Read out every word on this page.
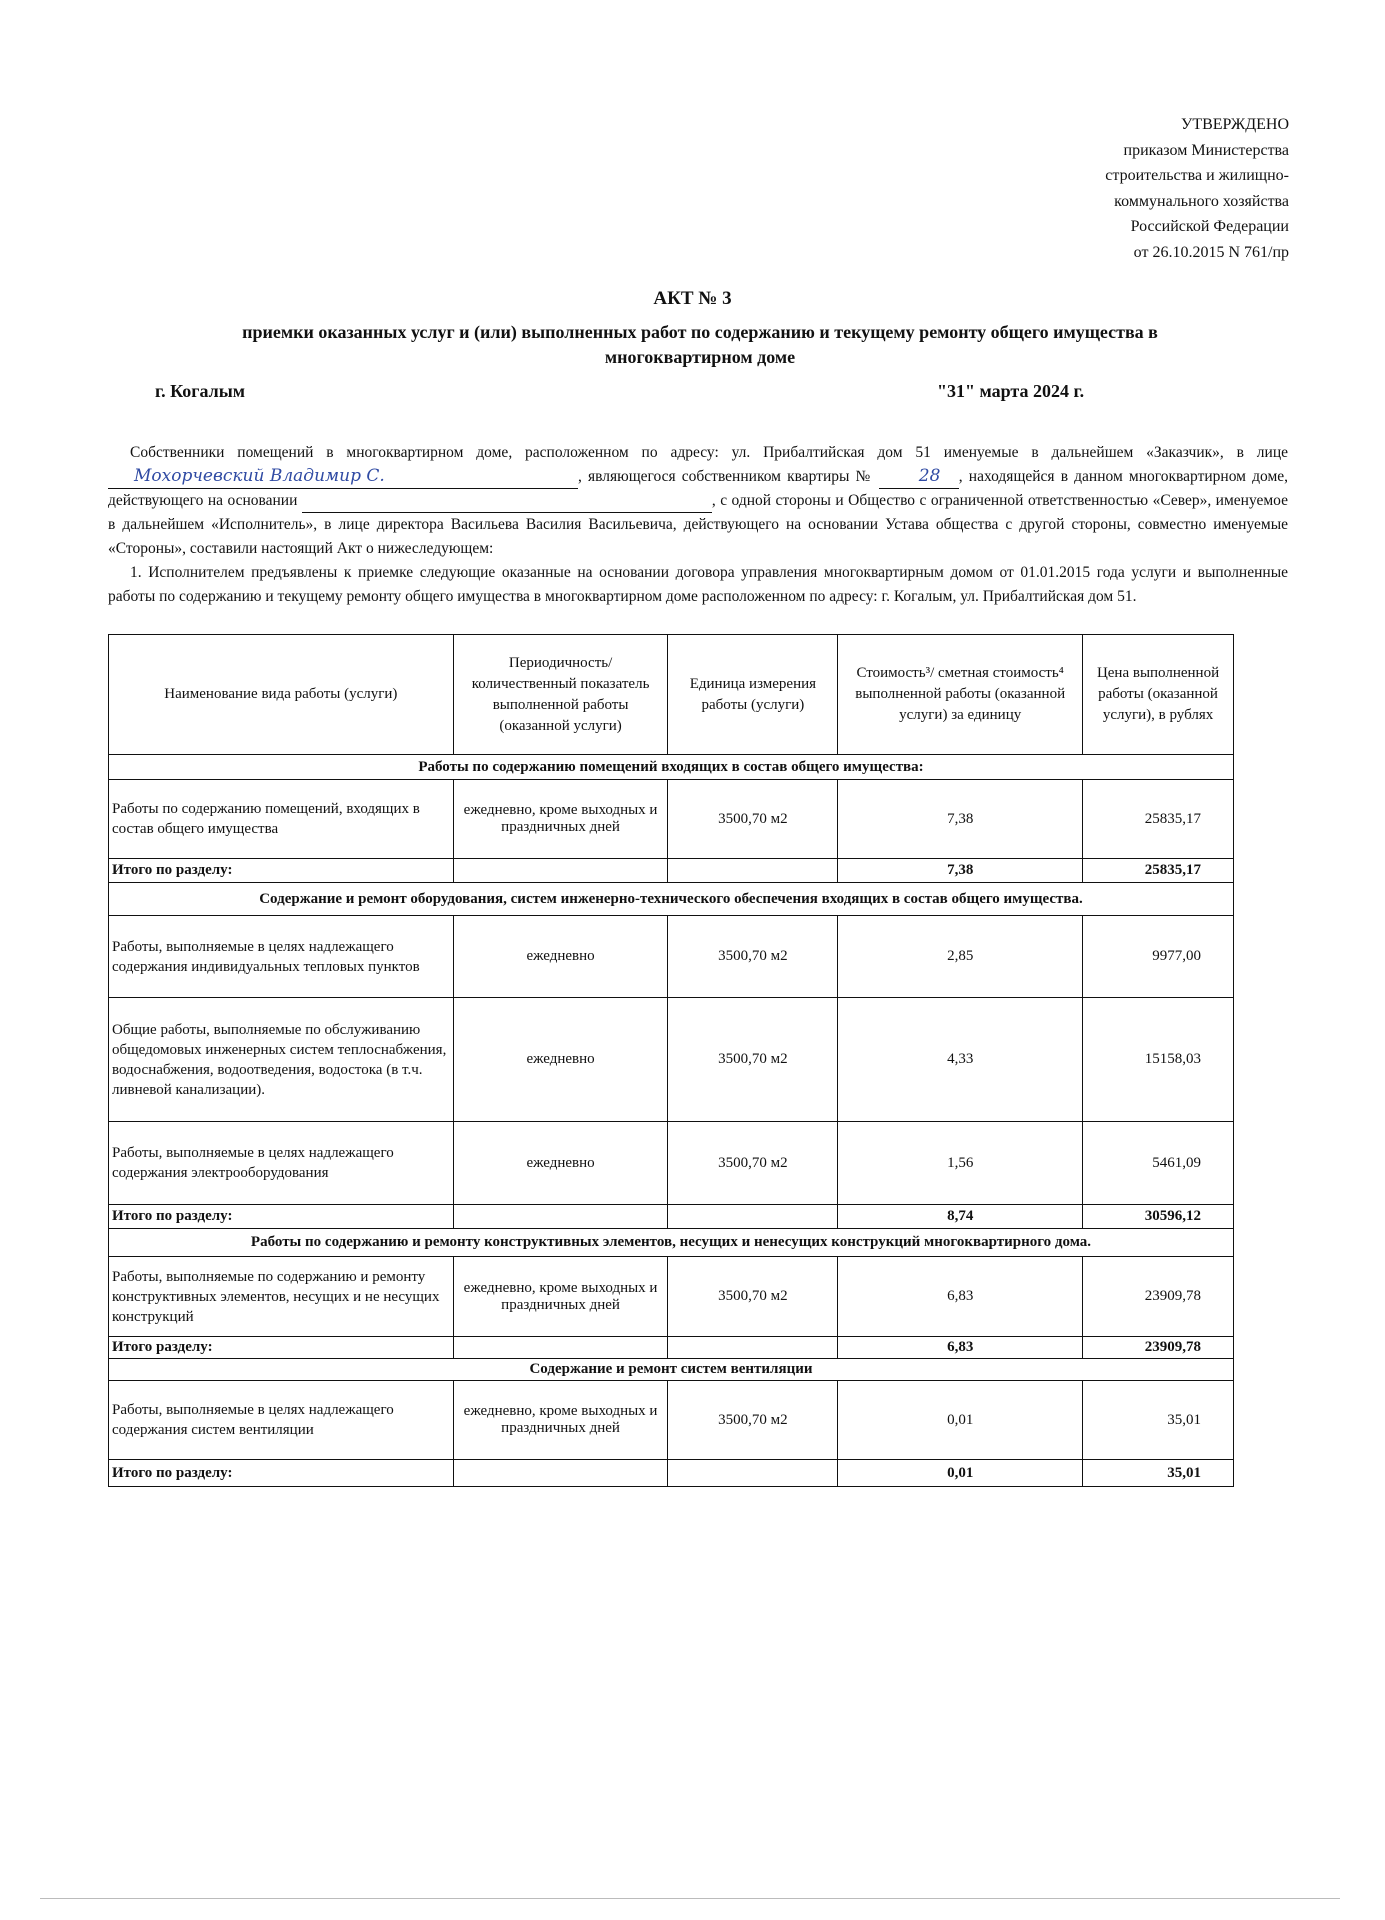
УТВЕРЖДЕНО
приказом Министерства
строительства и жилищно-
коммунального хозяйства
Российской Федерации
от 26.10.2015 N 761/пр
АКТ № 3
приемки оказанных услуг и (или) выполненных работ по содержанию и текущему ремонту общего имущества в многоквартирном доме
г. Когалым	"31" марта 2024 г.

Собственники помещений в многоквартирном доме, расположенном по адресу: ул. Прибалтийская дом 51 именуемые в дальнейшем «Заказчик», в лице
Мохорчевский Владимир С.	, являющегося собственником квартиры №	28 , находящейся в данном многоквартирном доме, действующего на основании	, с одной стороны и Общество с ограниченной ответственностью «Север», именуемое в дальнейшем «Исполнитель», в лице директора Васильева Василия Васильевича, действующего на основании Устава общества с другой стороны, совместно именуемые «Стороны», составили настоящий Акт о нижеследующем:

1. Исполнителем предъявлены к приемке следующие оказанные на основании договора управления многоквартирным домом от 01.01.2015 года услуги и выполненные работы по содержанию и текущему ремонту общего имущества в многоквартирном доме расположенном по адресу: г. Когалым, ул. Прибалтийская дом 51.

Наименование вида работы (услуги)	Периодичность/ количественный показатель выполненной работы (оказанной услуги)	Единица измерения работы (услуги)	Стоимость³/ сметная стоимость⁴ выполненной работы (оказанной услуги) за единицу	Цена выполненной работы (оказанной услуги), в рублях
Работы по содержанию помещений входящих в состав общего имущества:				
Работы по содержанию помещений, входящих в состав общего имущества	ежедневно, кроме выходных и праздничных дней	3500,70 м2	7,38	25835,17
Итого по разделу:			7,38	25835,17
Содержание и ремонт оборудования, систем инженерно-технического обеспечения входящих в состав общего имущества.				
Работы, выполняемые в целях надлежащего содержания индивидуальных тепловых пунктов	ежедневно	3500,70 м2	2,85	9977,00
Общие работы, выполняемые по обслуживанию общедомовых инженерных систем теплоснабжения, водоснабжения, водоотведения, водостока (в т.ч. ливневой канализации).	ежедневно	3500,70 м2	4,33	15158,03
Работы, выполняемые в целях надлежащего содержания электрооборудования	ежедневно	3500,70 м2	1,56	5461,09
Итого по разделу:			8,74	30596,12
Работы по содержанию и ремонту конструктивных элементов, несущих и ненесущих конструкций многоквартирного дома.				
Работы, выполняемые по содержанию и ремонту конструктивных элементов, несущих и не несущих конструкций	ежедневно, кроме выходных и праздничных дней	3500,70 м2	6,83	23909,78
Итого разделу:			6,83	23909,78
Содержание и ремонт систем вентиляции				
Работы, выполняемые в целях надлежащего содержания систем вентиляции	ежедневно, кроме выходных и праздничных дней	3500,70 м2	0,01	35,01
Итого по разделу:			0,01	35,01
